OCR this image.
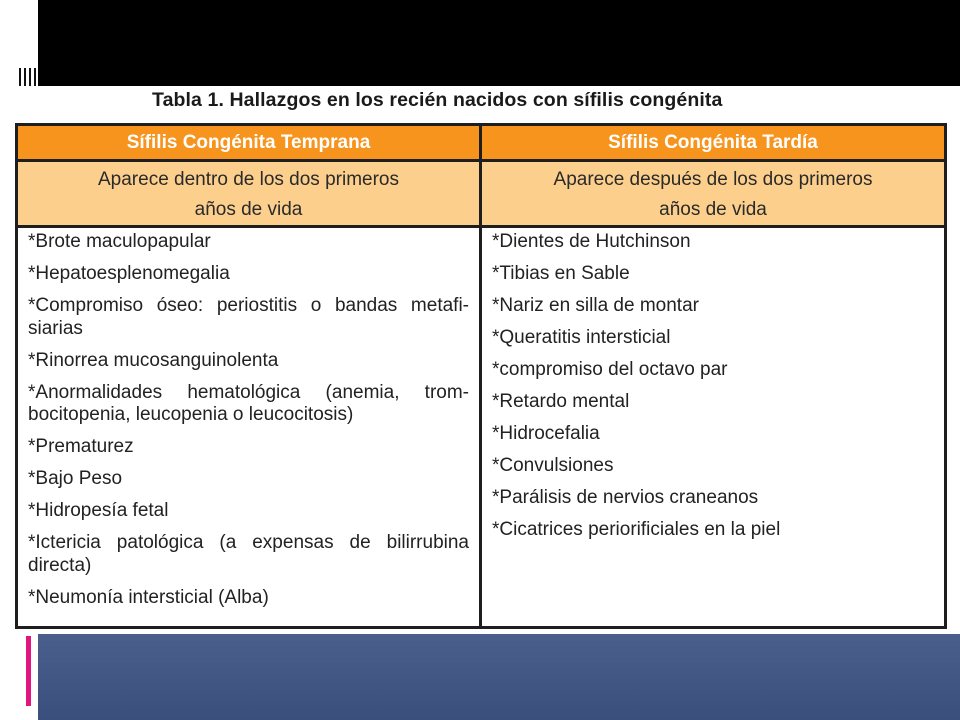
Tabla 1. Hallazgos en los recién nacidos con sífilis congénita
Sífilis Congénita Temprana	Sífilis Congénita Tardía
Aparece dentro de los dos primeros
años de vida
Aparece después de los dos primeros
años de vida
*Brote maculopapular
*Hepatoesplenomegalia
*Compromiso óseo: periostitis o bandas metafi-siarias
*Rinorrea mucosanguinolenta
*Anormalidades hematológica (anemia, trom-bocitopenia, leucopenia o leucocitosis)
*Prematurez
*Bajo Peso
*Hidropesía fetal
*Ictericia patológica (a expensas de bilirrubina directa)
*Neumonía intersticial (Alba)
*Dientes de Hutchinson
*Tibias en Sable
*Nariz en silla de montar
*Queratitis intersticial
*compromiso del octavo par
*Retardo mental
*Hidrocefalia
*Convulsiones
*Parálisis de nervios craneanos
*Cicatrices periorificiales en la piel
